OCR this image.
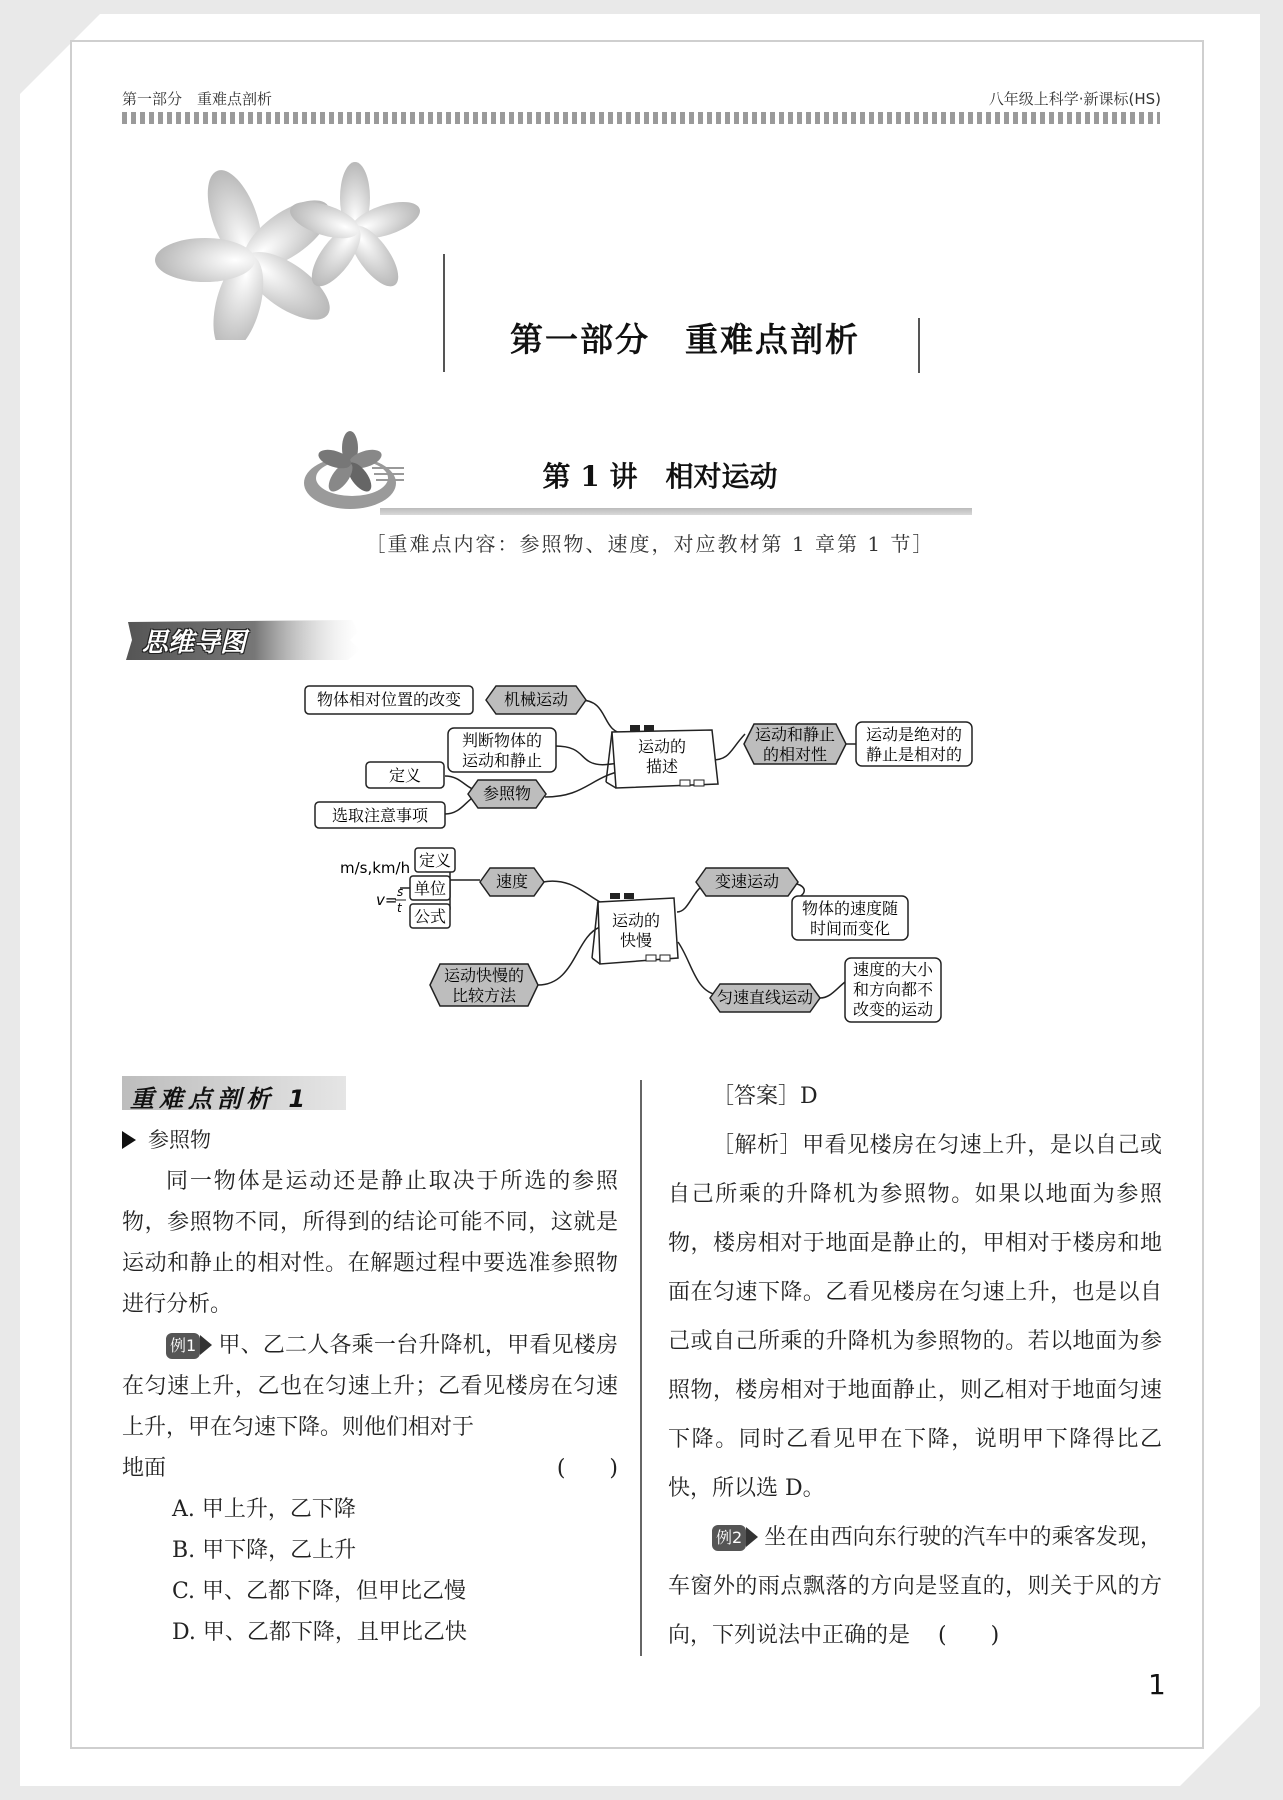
第一部分　重难点剖析	八年级上科学·新课标(HS)
第一部分　重难点剖析
第 1 讲　相对运动
［重难点内容：参照物、速度，对应教材第 1 章第 1 节］
思维导图
物体相对位置的改变	机械运动
判断物体的
运动和静止
定义
参照物
选取注意事项
运动的
描述
运动和静止
的相对性
运动是绝对的
静止是相对的
m/s,km/h 定义
单位
公式
v= s
t
速度
运动的
快慢
变速运动
物体的速度随
时间而变化
运动快慢的
比较方法	匀速直线运动
速度的大小
和方向都不
改变的运动
重难点剖析 1

参照物

同一物体是运动还是静止取决于所选的参照物，参照物不同，所得到的结论可能不同，这就是运动和静止的相对性。在解题过程中要选准参照物进行分析。

例1 甲、乙二人各乘一台升降机，甲看见楼房在匀速上升，乙也在匀速上升；乙看见楼房在匀速上升，甲在匀速下降。则他们相对于

地面	(　　)

A. 甲上升，乙下降

B. 甲下降，乙上升

C. 甲、乙都下降，但甲比乙慢

D. 甲、乙都下降，且甲比乙快

［答案］D

［解析］甲看见楼房在匀速上升，是以自己或自己所乘的升降机为参照物。如果以地面为参照物，楼房相对于地面是静止的，甲相对于楼房和地面在匀速下降。乙看见楼房在匀速上升，也是以自己或自己所乘的升降机为参照物的。若以地面为参照物，楼房相对于地面静止，则乙相对于地面匀速下降。同时乙看见甲在下降，说明甲下降得比乙快，所以选 D。

例2 坐在由西向东行驶的汽车中的乘客发现，车窗外的雨点飘落的方向是竖直的，则关于风的方向，下列说法中正确的是 (　　)

1
